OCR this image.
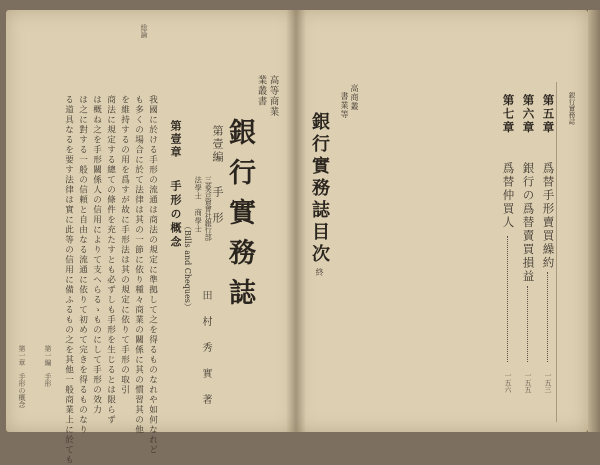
総論
高等商業
業叢書
銀行實務誌
三菱合資會社銀行部
法學士　商學士
田　村　秀　實　著
第壹編
手　形
（Bills and Cheques）
第壹章
手形の概念
我國に於ける手形の流通は商法の規定に準拠して之を得るものなれや如何なれど
も多くの場合に於て法律は其の一節に依り種々商業の關係に其の慣習其の他
を維持するの用を爲すが故に手形法は其の規定に依りて手形の取引
商法に規定する總ての條件を充たすとも必ずしも手形を生じるとは限らず
は概ね之を手形關係人の信用によりて支へらるゝものにして手形の效力
は之に對する一般の信頼と自由なる流通に依りて初めて完きを得るものなり
る道具なるを要す法律は實に此等の信用に備ふるもの之を其他一般商業上に於ても
第一編　手形
第一章　手形の概念
銀行實務誌
高商叢
書業等
銀行實務誌目次
終
第五章
爲替手形賣買繰約
一五三
第六章
銀行の爲替賣買損益
一五五
第七章
爲替仲買人
一五六
